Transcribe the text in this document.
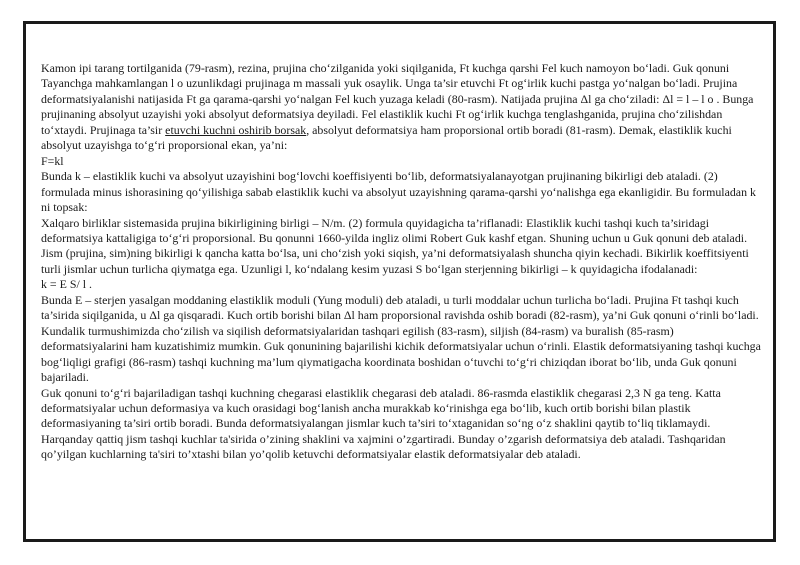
Kamon ipi tarang tortilganida (79-rasm), rezina, prujina cho‘zilganida yoki siqilganida, Ft kuchga qarshi Fel kuch namoyon bo‘ladi. Guk qonuni Tayanchga mahkamlangan l o uzunlikdagi prujinaga m massali yuk osaylik. Unga ta’sir etuvchi Ft og‘irlik kuchi pastga yo‘nalgan bo‘ladi. Prujina deformatsiyalanishi natijasida Ft ga qarama-qarshi yo‘nalgan Fel kuch yuzaga keladi (80-rasm). Natijada prujina Δl ga cho‘ziladi: Δl = l – l o . Bunga prujinaning absolyut uzayishi yoki absolyut deformatsiya deyiladi. Fel elastiklik kuchi Ft og‘irlik kuchga tenglashganida, prujina cho‘zilishdan to‘xtaydi. Prujinaga ta’sir etuvchi kuchni oshirib borsak, absolyut deformatsiya ham proporsional ortib boradi (81-rasm). Demak, elastiklik kuchi absolyut uzayishga to‘g‘ri proporsional ekan, ya’ni:

F=kl

Bunda k – elastiklik kuchi va absolyut uzayishini bog‘lovchi koeffisiyenti bo‘lib, deformatsiyalanayotgan prujinaning bikirligi deb ataladi. (2) formulada minus ishorasining qo‘yilishiga sabab elastiklik kuchi va absolyut uzayishning qarama-qarshi yo‘nalishga ega ekanligidir. Bu formuladan k ni topsak:

Xalqaro birliklar sistemasida prujina bikirligining birligi – N/m. (2) formula quyidagicha ta’riflanadi: Elastiklik kuchi tashqi kuch ta’siridagi deformatsiya kattaligiga to‘g‘ri proporsional. Bu qonunni 1660-yilda ingliz olimi Robert Guk kashf etgan. Shuning uchun u Guk qonuni deb ataladi. Jism (prujina, sim)ning bikirligi k qancha katta bo‘lsa, uni cho‘zish yoki siqish, ya’ni deformatsiyalash shuncha qiyin kechadi. Bikirlik koeffitsiyenti turli jismlar uchun turlicha qiymatga ega. Uzunligi l, ko‘ndalang kesim yuzasi S bo‘lgan sterjenning bikirligi – k quyidagicha ifodalanadi:

k = E S/ l .

Bunda E – sterjen yasalgan moddaning elastiklik moduli (Yung moduli) deb ataladi, u turli moddalar uchun turlicha bo‘ladi. Prujina Ft tashqi kuch ta’sirida siqilganida, u Δl ga qisqaradi. Kuch ortib borishi bilan Δl ham proporsional ravishda oshib boradi (82-rasm), ya’ni Guk qonuni o‘rinli bo‘ladi. Kundalik turmushimizda cho‘zilish va siqilish deformatsiyalaridan tashqari egilish (83-rasm), siljish (84-rasm) va buralish (85-rasm) deformatsiyalarini ham kuzatishimiz mumkin. Guk qonunining bajarilishi kichik deformatsiyalar uchun o‘rinli. Elastik deformatsiyaning tashqi kuchga bog‘liqligi grafigi (86-rasm) tashqi kuchning ma’lum qiymatigacha koordinata boshidan o‘tuvchi to‘g‘ri chiziqdan iborat bo‘lib, unda Guk qonuni bajariladi.

Guk qonuni to‘g‘ri bajariladigan tashqi kuchning chegarasi elastiklik chegarasi deb ataladi. 86-rasmda elastiklik chegarasi 2,3 N ga teng. Katta deformatsiyalar uchun deformasiya va kuch orasidagi bog‘lanish ancha murakkab ko‘rinishga ega bo‘lib, kuch ortib borishi bilan plastik deformasiyaning ta’siri ortib boradi. Bunda deformatsiyalangan jismlar kuch ta’siri to‘xtaganidan so‘ng o‘z shaklini qaytib to‘liq tiklamaydi.

Harqanday qattiq jism tashqi kuchlar ta'sirida o’zining shaklini va xajmini o’zgartiradi. Bunday o’zgarish deformatsiya deb ataladi. Tashqaridan qo’yilgan kuchlarning ta'siri to’xtashi bilan yo’qolib ketuvchi deformatsiyalar elastik deformatsiyalar deb ataladi.
